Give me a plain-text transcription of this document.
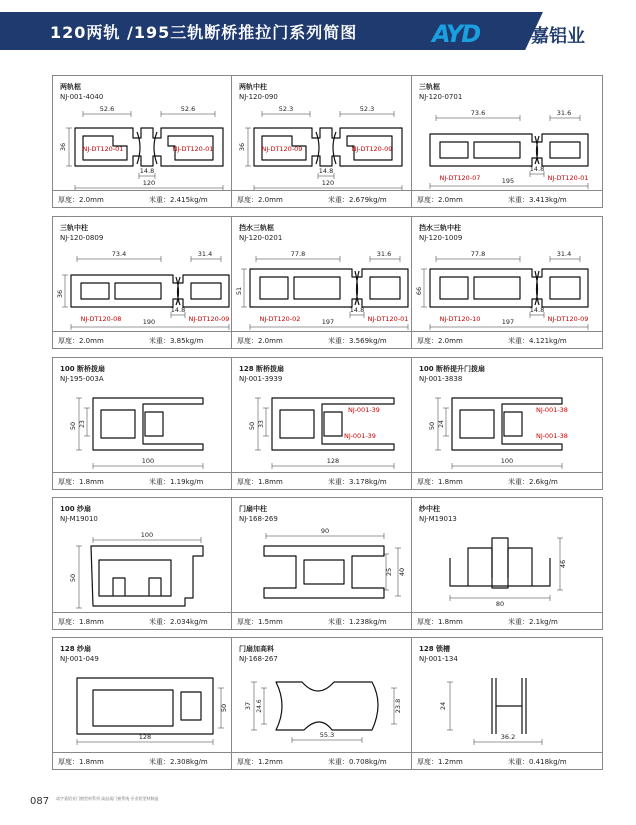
120两轨 /195三轨断桥推拉门系列简图	AYD 诺宇嘉铝业
两轨框
NJ-001-4040
52.6	52.6
36
14.8
120
NJ-DT120-01	NJ-DT120-01
厚度：2.0mm	米重：2.415kg/m
两轨中柱
NJ-120-090
52.3	52.3
36
14.8
120
NJ-DT120-09	NJ-DT120-09
厚度：2.0mm	米重：2.679kg/m
三轨框
NJ-120-0701
73.6	31.6
14.8
195
NJ-DT120-07	NJ-DT120-01
厚度：2.0mm	米重：3.413kg/m
三轨中柱
NJ-120-0809
73.4	31.4
36
14.8
190
NJ-DT120-08	NJ-DT120-09
厚度：2.0mm	米重：3.85kg/m
挡水三轨框
NJ-120-0201
77.8	31.6
51
14.8
197
NJ-DT120-02	NJ-DT120-01
厚度：2.0mm	米重：3.569kg/m
挡水三轨中柱
NJ-120-1009
77.8	31.4
66
14.8
197
NJ-DT120-10	NJ-DT120-09
厚度：2.0mm	米重：4.121kg/m
100 断桥拨扇
NJ-195-003A
50 23
100
厚度：1.8mm	米重：1.19kg/m
128 断桥拨扇
NJ-001-3939
50 33
128
NJ-001-39
NJ-001-39
厚度：1.8mm	米重：3.178kg/m
100 断桥提升门拨扇
NJ-001-3838
50 24
100
NJ-001-38
NJ-001-38
厚度：1.8mm	米重：2.6kg/m
100 纱扇
NJ-M19010
100
50
厚度：1.8mm	米重：2.034kg/m
门扇中柱
NJ-168-269
90
40
25
厚度：1.5mm	米重：1.238kg/m
纱中柱
NJ-M19013
46
80
厚度：1.8mm	米重：2.1kg/m
128 纱扇
NJ-001-049
50
128
厚度：1.8mm	米重：2.308kg/m
门扇加高料
NJ-168-267
37 24.6	23.8
55.3
厚度：1.2mm	米重：0.708kg/m
128 锁槽
NJ-001-134
24
36.2
厚度：1.2mm	米重：0.418kg/m
087 诺宇嘉铝业门窗型材系列 高品质门窗系统 专业铝型材制造
